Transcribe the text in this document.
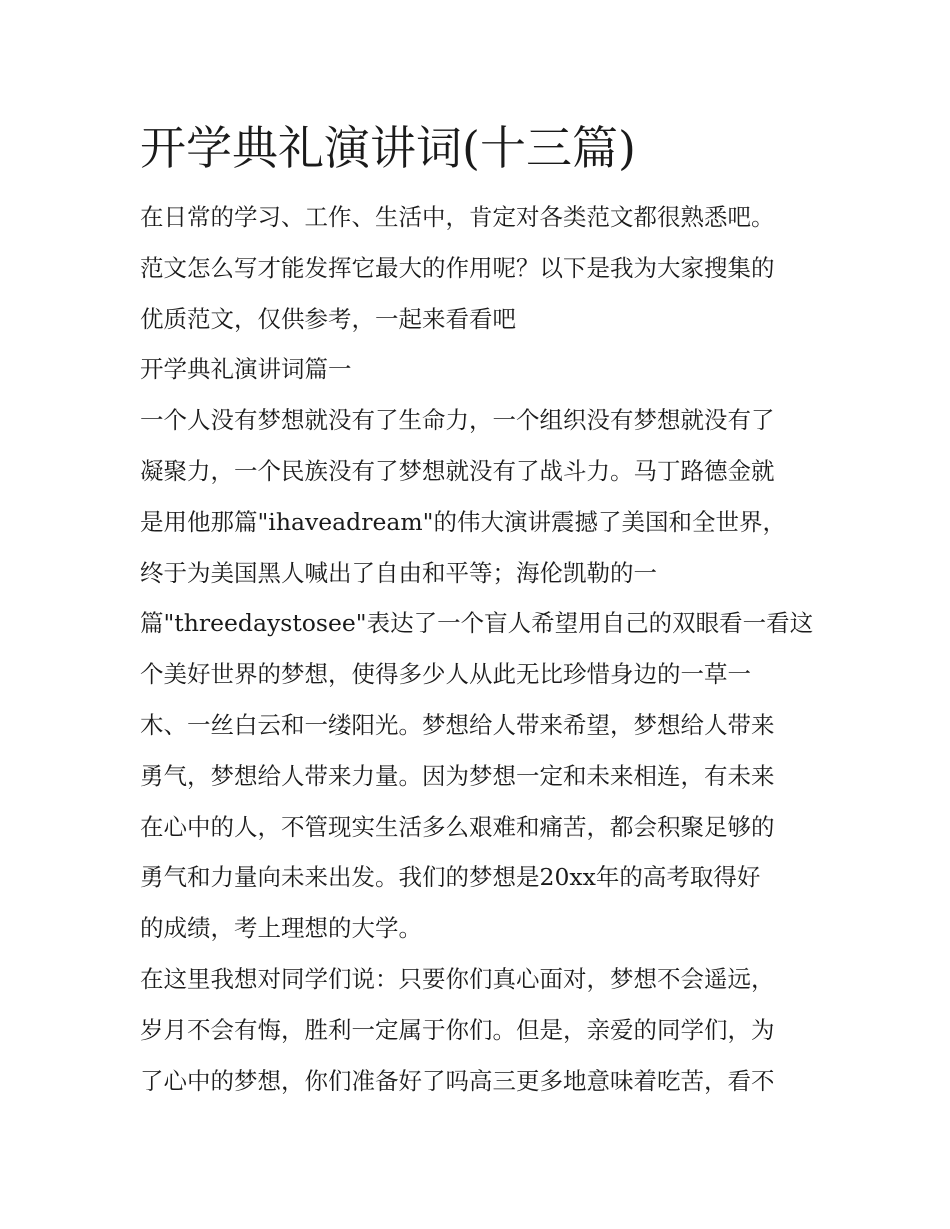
开学典礼演讲词(十三篇)
在日常的学习、工作、生活中，肯定对各类范文都很熟悉吧。
范文怎么写才能发挥它最大的作用呢？以下是我为大家搜集的
优质范文，仅供参考，一起来看看吧
开学典礼演讲词篇一
一个人没有梦想就没有了生命力，一个组织没有梦想就没有了
凝聚力，一个民族没有了梦想就没有了战斗力。马丁路德金就
是用他那篇"ihaveadream"的伟大演讲震撼了美国和全世界，
终于为美国黑人喊出了自由和平等；海伦凯勒的一
篇"threedaystosee"表达了一个盲人希望用自己的双眼看一看这
个美好世界的梦想，使得多少人从此无比珍惜身边的一草一
木、一丝白云和一缕阳光。梦想给人带来希望，梦想给人带来
勇气，梦想给人带来力量。因为梦想一定和未来相连，有未来
在心中的人，不管现实生活多么艰难和痛苦，都会积聚足够的
勇气和力量向未来出发。我们的梦想是20xx年的高考取得好
的成绩，考上理想的大学。
在这里我想对同学们说：只要你们真心面对，梦想不会遥远，
岁月不会有悔，胜利一定属于你们。但是，亲爱的同学们，为
了心中的梦想，你们准备好了吗高三更多地意味着吃苦，看不
